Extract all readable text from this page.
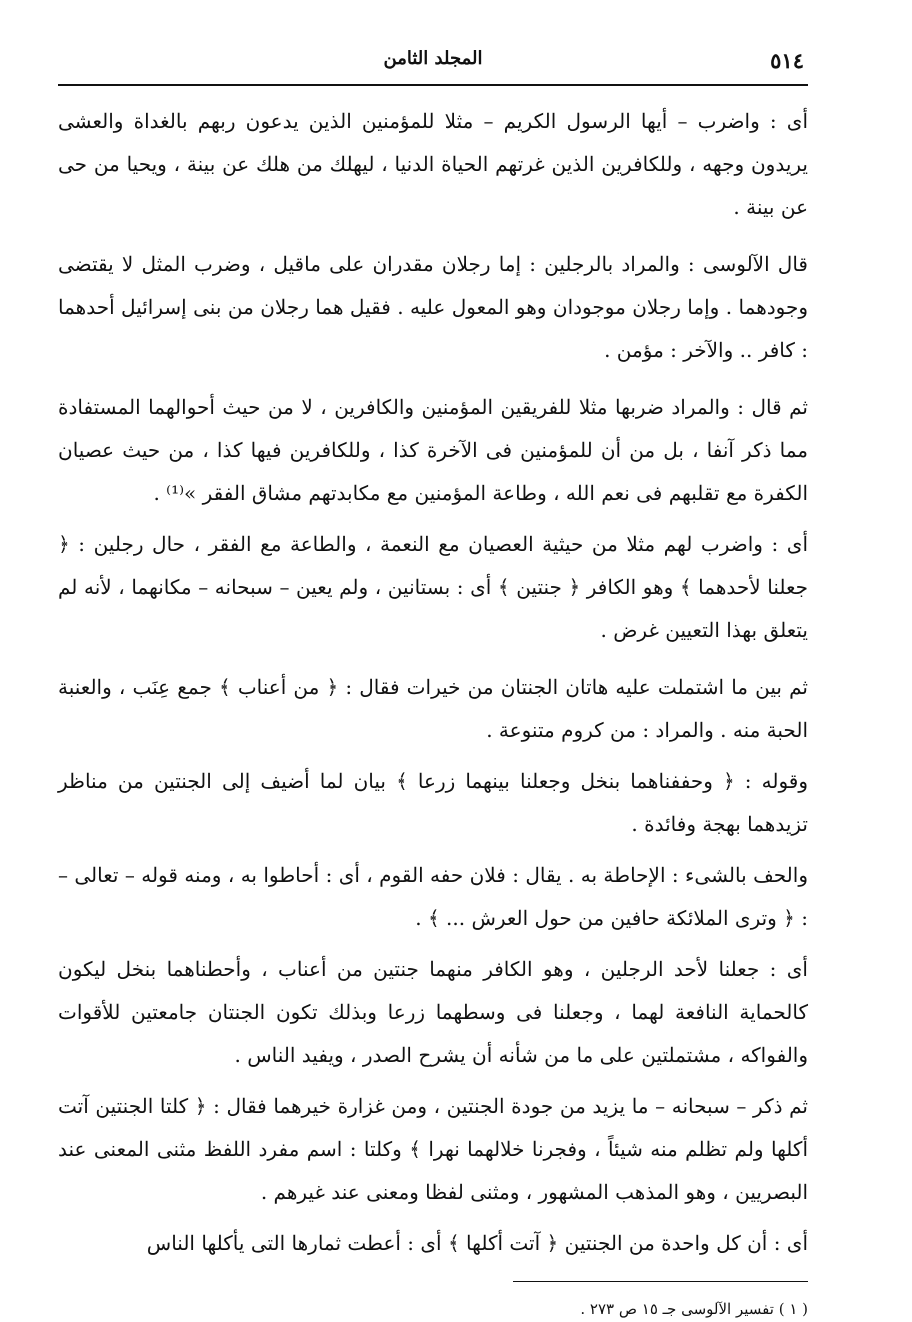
٥١٤
المجلد الثامن

أى : واضرب – أيها الرسول الكريم – مثلا للمؤمنين الذين يدعون ربهم بالغداة والعشى يريدون وجهه ، وللكافرين الذين غرتهم الحياة الدنيا ، ليهلك من هلك عن بينة ، ويحيا من حى عن بينة .

قال الآلوسى : والمراد بالرجلين : إما رجلان مقدران على ماقيل ، وضرب المثل لا يقتضى وجودهما . وإما رجلان موجودان وهو المعول عليه . فقيل هما رجلان من بنى إسرائيل أحدهما : كافر .. والآخر : مؤمن .

ثم قال : والمراد ضربها مثلا للفريقين المؤمنين والكافرين ، لا من حيث أحوالهما المستفادة مما ذكر آنفا ، بل من أن للمؤمنين فى الآخرة كذا ، وللكافرين فيها كذا ، من حيث عصيان الكفرة مع تقلبهم فى نعم الله ، وطاعة المؤمنين مع مكابدتهم مشاق الفقر »⁽¹⁾ .

أى : واضرب لهم مثلا من حيثية العصيان مع النعمة ، والطاعة مع الفقر ، حال رجلين : ﴿ جعلنا لأحدهما ﴾ وهو الكافر ﴿ جنتين ﴾ أى : بستانين ، ولم يعين – سبحانه – مكانهما ، لأنه لم يتعلق بهذا التعيين غرض .

ثم بين ما اشتملت عليه هاتان الجنتان من خيرات فقال : ﴿ من أعناب ﴾ جمع عِنَب ، والعنبة الحبة منه . والمراد : من كروم متنوعة .

وقوله : ﴿ وحففناهما بنخل وجعلنا بينهما زرعا ﴾ بيان لما أضيف إلى الجنتين من مناظر تزيدهما بهجة وفائدة .

والحف بالشىء : الإحاطة به . يقال : فلان حفه القوم ، أى : أحاطوا به ، ومنه قوله – تعالى – : ﴿ وترى الملائكة حافين من حول العرش ... ﴾ .

أى : جعلنا لأحد الرجلين ، وهو الكافر منهما جنتين من أعناب ، وأحطناهما بنخل ليكون كالحماية النافعة لهما ، وجعلنا فى وسطهما زرعا وبذلك تكون الجنتان جامعتين للأقوات والفواكه ، مشتملتين على ما من شأنه أن يشرح الصدر ، ويفيد الناس .

ثم ذكر – سبحانه – ما يزيد من جودة الجنتين ، ومن غزارة خيرهما فقال : ﴿ كلتا الجنتين آتت أكلها ولم تظلم منه شيئاً ، وفجرنا خلالهما نهرا ﴾ وكلتا : اسم مفرد اللفظ مثنى المعنى عند البصريين ، وهو المذهب المشهور ، ومثنى لفظا ومعنى عند غيرهم .

أى : أن كل واحدة من الجنتين ﴿ آتت أكلها ﴾ أى : أعطت ثمارها التى يأكلها الناس

( ١ ) تفسير الآلوسى جـ ١٥ ص ٢٧٣ .
